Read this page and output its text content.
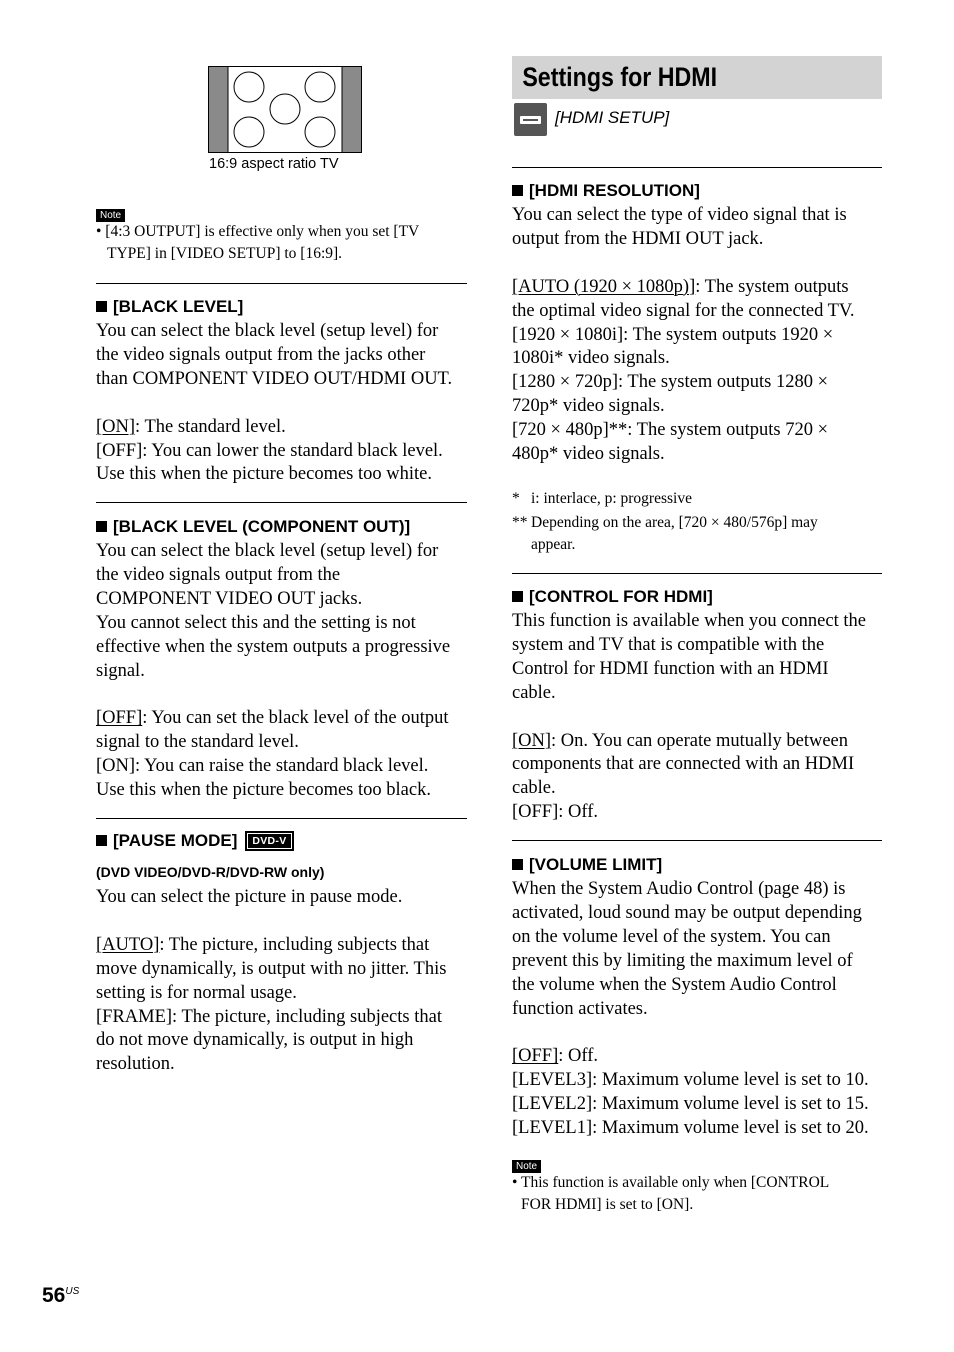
16:9 aspect ratio TV
Note
• [4:3 OUTPUT] is effective only when you set [TV
TYPE] in [VIDEO SETUP] to [16:9].

[BLACK LEVEL]

You can select the black level (setup level) for

the video signals output from the jacks other

than COMPONENT VIDEO OUT/HDMI OUT.

[ON]: The standard level.

[OFF]: You can lower the standard black level.

Use this when the picture becomes too white.

[BLACK LEVEL (COMPONENT OUT)]

You can select the black level (setup level) for

the video signals output from the

COMPONENT VIDEO OUT jacks.

You cannot select this and the setting is not

effective when the system outputs a progressive

signal.

[OFF]: You can set the black level of the output

signal to the standard level.

[ON]: You can raise the standard black level.

Use this when the picture becomes too black.

[PAUSE MODE] DVD-V

(DVD VIDEO/DVD-R/DVD-RW only)

You can select the picture in pause mode.

[AUTO]: The picture, including subjects that

move dynamically, is output with no jitter. This

setting is for normal usage.

[FRAME]: The picture, including subjects that

do not move dynamically, is output in high

resolution.

Settings for HDMI
[HDMI SETUP]

[HDMI RESOLUTION]

You can select the type of video signal that is

output from the HDMI OUT jack.

[AUTO (1920 × 1080p)]: The system outputs

the optimal video signal for the connected TV.

[1920 × 1080i]: The system outputs 1920 ×

1080i* video signals.

[1280 × 720p]: The system outputs 1280 ×

720p* video signals.

[720 × 480p]**: The system outputs 720 ×

480p* video signals.

* i: interlace, p: progressive

** Depending on the area, [720 × 480/576p] may
appear.

[CONTROL FOR HDMI]

This function is available when you connect the

system and TV that is compatible with the

Control for HDMI function with an HDMI

cable.

[ON]: On. You can operate mutually between

components that are connected with an HDMI

cable.

[OFF]: Off.

[VOLUME LIMIT]

When the System Audio Control (page 48) is

activated, loud sound may be output depending

on the volume level of the system. You can

prevent this by limiting the maximum level of

the volume when the System Audio Control

function activates.

[OFF]: Off.

[LEVEL3]: Maximum volume level is set to 10.

[LEVEL2]: Maximum volume level is set to 15.

[LEVEL1]: Maximum volume level is set to 20.

Note
• This function is available only when [CONTROL
FOR HDMI] is set to [ON].
$56^{US}$
